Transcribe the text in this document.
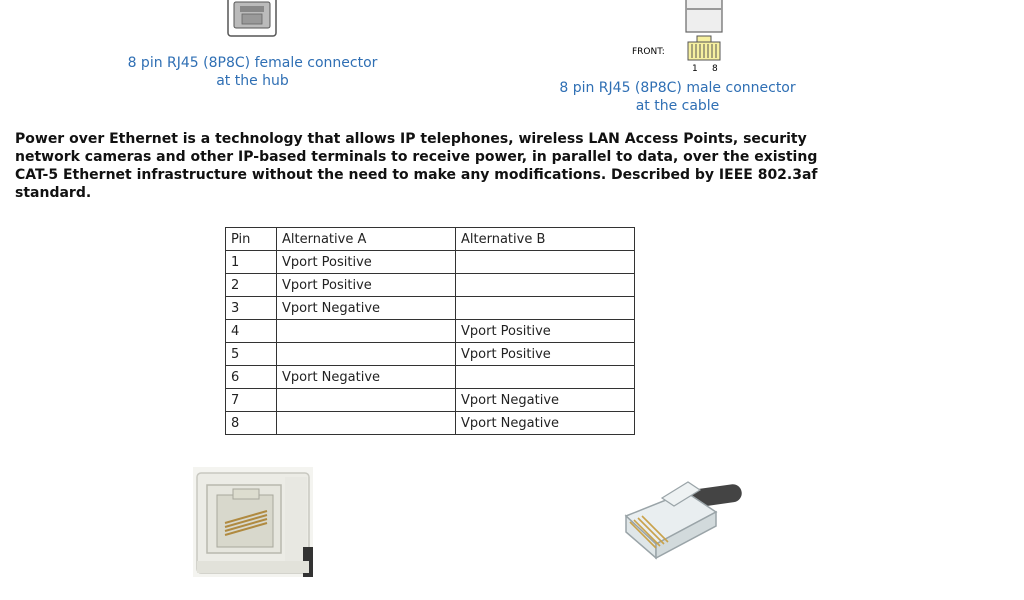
8 pin RJ45 (8P8C) female connector
at the hub
FRONT:
1 8
8 pin RJ45 (8P8C) male connector
at the cable
Power over Ethernet is a technology that allows IP telephones, wireless LAN Access Points, security network cameras and other IP-based terminals to receive power, in parallel to data, over the existing CAT-5 Ethernet infrastructure without the need to make any modifications. Described by IEEE 802.3af standard.
Pin	Alternative A	Alternative B
1	Vport Positive	
2	Vport Positive	
3	Vport Negative	
4		Vport Positive
5		Vport Positive
6	Vport Negative	
7		Vport Negative
8		Vport Negative
